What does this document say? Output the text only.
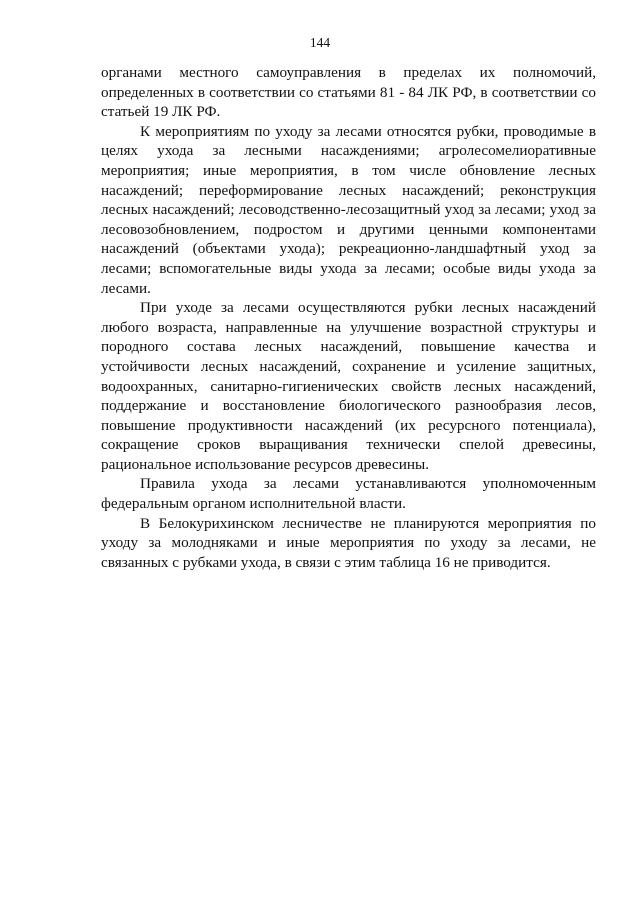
144

органами местного самоуправления в пределах их полномочий, определенных в соответствии со статьями 81 - 84 ЛК РФ, в соответствии со статьей 19 ЛК РФ.

К мероприятиям по уходу за лесами относятся рубки, проводимые в целях ухода за лесными насаждениями; агролесомелиоративные мероприятия; иные мероприятия, в том числе обновление лесных насаждений; переформирование лесных насаждений; реконструкция лесных насаждений; лесоводственно-лесозащитный уход за лесами; уход за лесовозобновлением, подростом и другими ценными компонентами насаждений (объектами ухода); рекреационно-ландшафтный уход за лесами; вспомогательные виды ухода за лесами; особые виды ухода за лесами.

При уходе за лесами осуществляются рубки лесных насаждений любого возраста, направленные на улучшение возрастной структуры и породного состава лесных насаждений, повышение качества и устойчивости лесных насаждений, сохранение и усиление защитных, водоохранных, санитарно-гигиенических свойств лесных насаждений, поддержание и восстановление биологического разнообразия лесов, повышение продуктивности насаждений (их ресурсного потенциала), сокращение сроков выращивания технически спелой древесины, рациональное использование ресурсов древесины.

Правила ухода за лесами устанавливаются уполномоченным федеральным органом исполнительной власти.

В Белокурихинском лесничестве не планируются мероприятия по уходу за молодняками и иные мероприятия по уходу за лесами, не связанных с рубками ухода, в связи с этим таблица 16 не приводится.
